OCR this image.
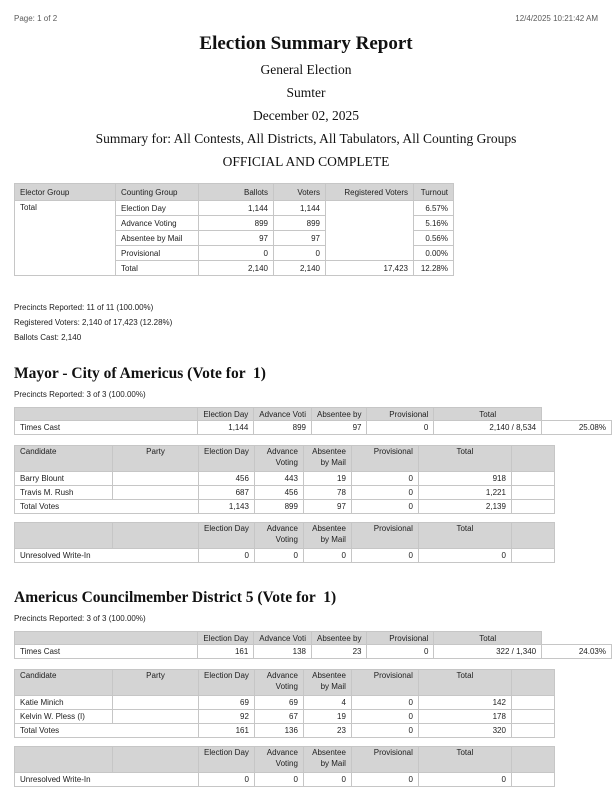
Page: 1 of 2	12/4/2025 10:21:42 AM
Election Summary Report
General Election
Sumter
December 02, 2025
Summary for: All Contests, All Districts, All Tabulators, All Counting Groups
OFFICIAL AND COMPLETE
Elector Group	Counting Group	Ballots	Voters	Registered Voters	Turnout
Total	Election Day	1,144	1,144		6.57%
	Advance Voting	899	899		5.16%
	Absentee by Mail	97	97		0.56%
	Provisional	0	0		0.00%
	Total	2,140	2,140	17,423	12.28%
Precincts Reported: 11 of 11 (100.00%)
Registered Voters: 2,140 of 17,423 (12.28%)
Ballots Cast: 2,140
Mayor - City of Americus (Vote for  1)
Precincts Reported: 3 of 3 (100.00%)
	Election Day	Advance Voti	Absentee by	Provisional	Total	
Times Cast	1,144	899	97	0	2,140 / 8,534	25.08%
Candidate	Party	Election Day	Advance Voting	Absentee by Mail	Provisional	Total	
Barry Blount		456	443	19	0	918	
Travis M. Rush		687	456	78	0	1,221	
Total Votes		1,143	899	97	0	2,139	
		Election Day	Advance Voting	Absentee by Mail	Provisional	Total	
Unresolved Write-In		0	0	0	0	0	
Americus Councilmember District 5 (Vote for  1)
Precincts Reported: 3 of 3 (100.00%)
	Election Day	Advance Voti	Absentee by	Provisional	Total	
Times Cast	161	138	23	0	322 / 1,340	24.03%
Candidate	Party	Election Day	Advance Voting	Absentee by Mail	Provisional	Total	
Katie Minich		69	69	4	0	142	
Kelvin W. Pless (I)		92	67	19	0	178	
Total Votes		161	136	23	0	320	
		Election Day	Advance Voting	Absentee by Mail	Provisional	Total	
Unresolved Write-In		0	0	0	0	0	
